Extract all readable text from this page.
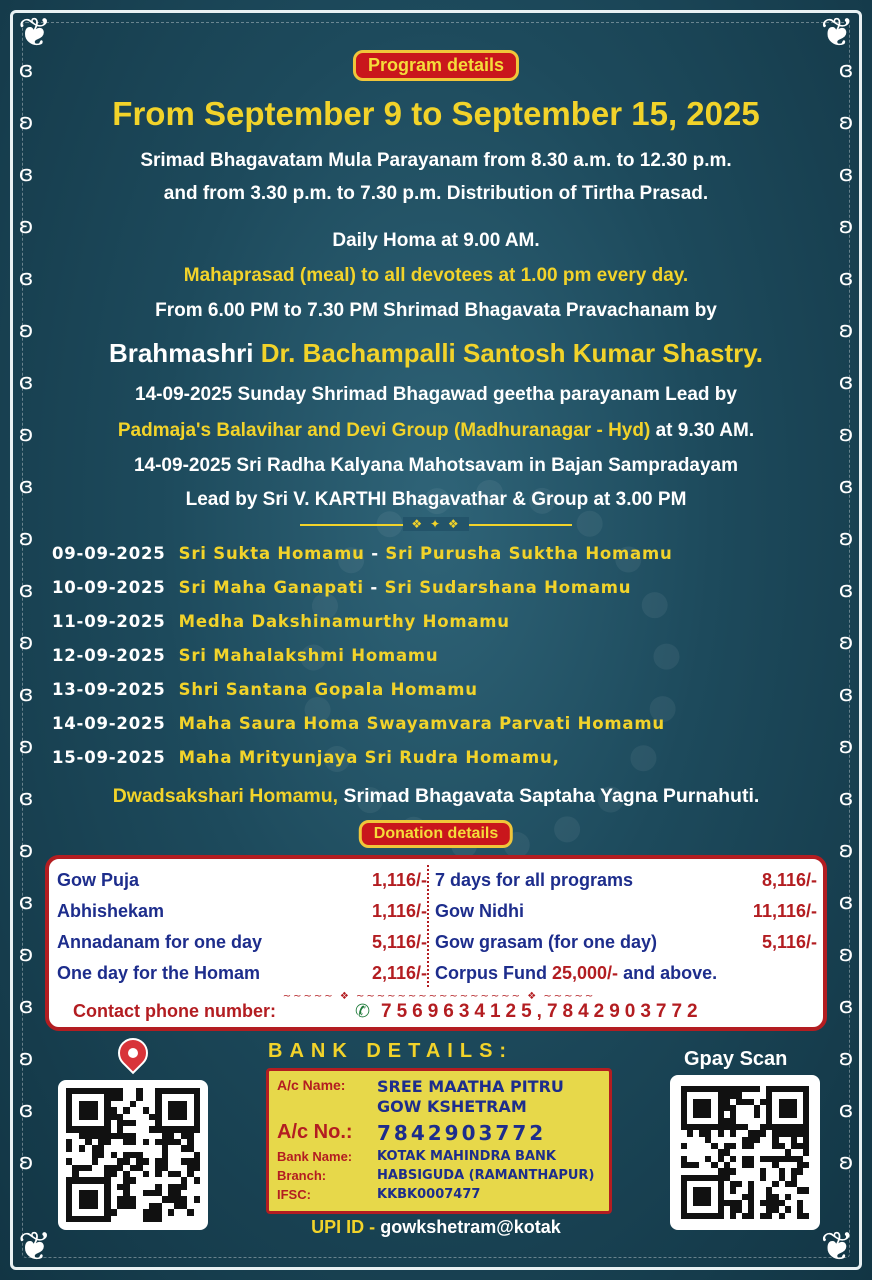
❦	❦
❦	❦
ɞ
ʚ
ɞ
ʚ
ɞ
ʚ
ɞ
ʚ
ɞ
ʚ
ɞ
ʚ
ɞ
ʚ
ɞ
ʚ
ɞ
ʚ
ɞ
ʚ
ɞ
ʚ
ɞ
ʚ
ɞ
ʚ
ɞ
ʚ
ɞ
ʚ
ɞ
ʚ
ɞ
ʚ
ɞ
ʚ
ɞ
ʚ
ɞ
ʚ
ɞ
ʚ
ɞ
ʚ
Program details
From September 9 to September 15, 2025
Srimad Bhagavatam Mula Parayanam from 8.30 a.m. to 12.30 p.m.
and from 3.30 p.m. to 7.30 p.m. Distribution of Tirtha Prasad.
Daily Homa at 9.00 AM.
Mahaprasad (meal) to all devotees at 1.00 pm every day.
From 6.00 PM to 7.30 PM Shrimad Bhagavata Pravachanam by
Brahmashri Dr. Bachampalli Santosh Kumar Shastry.
14-09-2025 Sunday Shrimad Bhagawad geetha parayanam Lead by
Padmaja's Balavihar and Devi Group (Madhuranagar - Hyd) at 9.30 AM.
14-09-2025 Sri Radha Kalyana Mahotsavam in Bajan Sampradayam
Lead by Sri V. KARTHI Bhagavathar & Group at 3.00 PM
❖ ✦ ❖
09-09-2025 Sri Sukta Homamu - Sri Purusha Suktha Homamu
10-09-2025 Sri Maha Ganapati - Sri Sudarshana Homamu
11-09-2025 Medha Dakshinamurthy Homamu
12-09-2025 Sri Mahalakshmi Homamu
13-09-2025 Shri Santana Gopala Homamu
14-09-2025 Maha Saura Homa Swayamvara Parvati Homamu
15-09-2025 Maha Mrityunjaya Sri Rudra Homamu,
Dwadsakshari Homamu, Srimad Bhagavata Saptaha Yagna Purnahuti.
Donation details
Gow Puja	1,116/-
Abhishekam	1,116/-
Annadanam for one day	5,116/-
One day for the Homam	2,116/-
7 days for all programs	8,116/-
Gow Nidhi	11,116/-
Gow grasam (for one day)	5,116/-
Corpus Fund 25,000/- and above.
~~~~~ ❖ ~~~~~~~~~~~~~~~~ ❖ ~~~~~
Contact phone number:	✆ 7569634125,7842903772
BANK DETAILS:
A/c Name:	SREE MAATHA PITRU
GOW KSHETRAM
A/c No.:	7842903772
Bank Name:	KOTAK MAHINDRA BANK
Branch:	HABSIGUDA (RAMANTHAPUR)
IFSC:	KKBK0007477
UPI ID - gowkshetram@kotak
Gpay Scan
